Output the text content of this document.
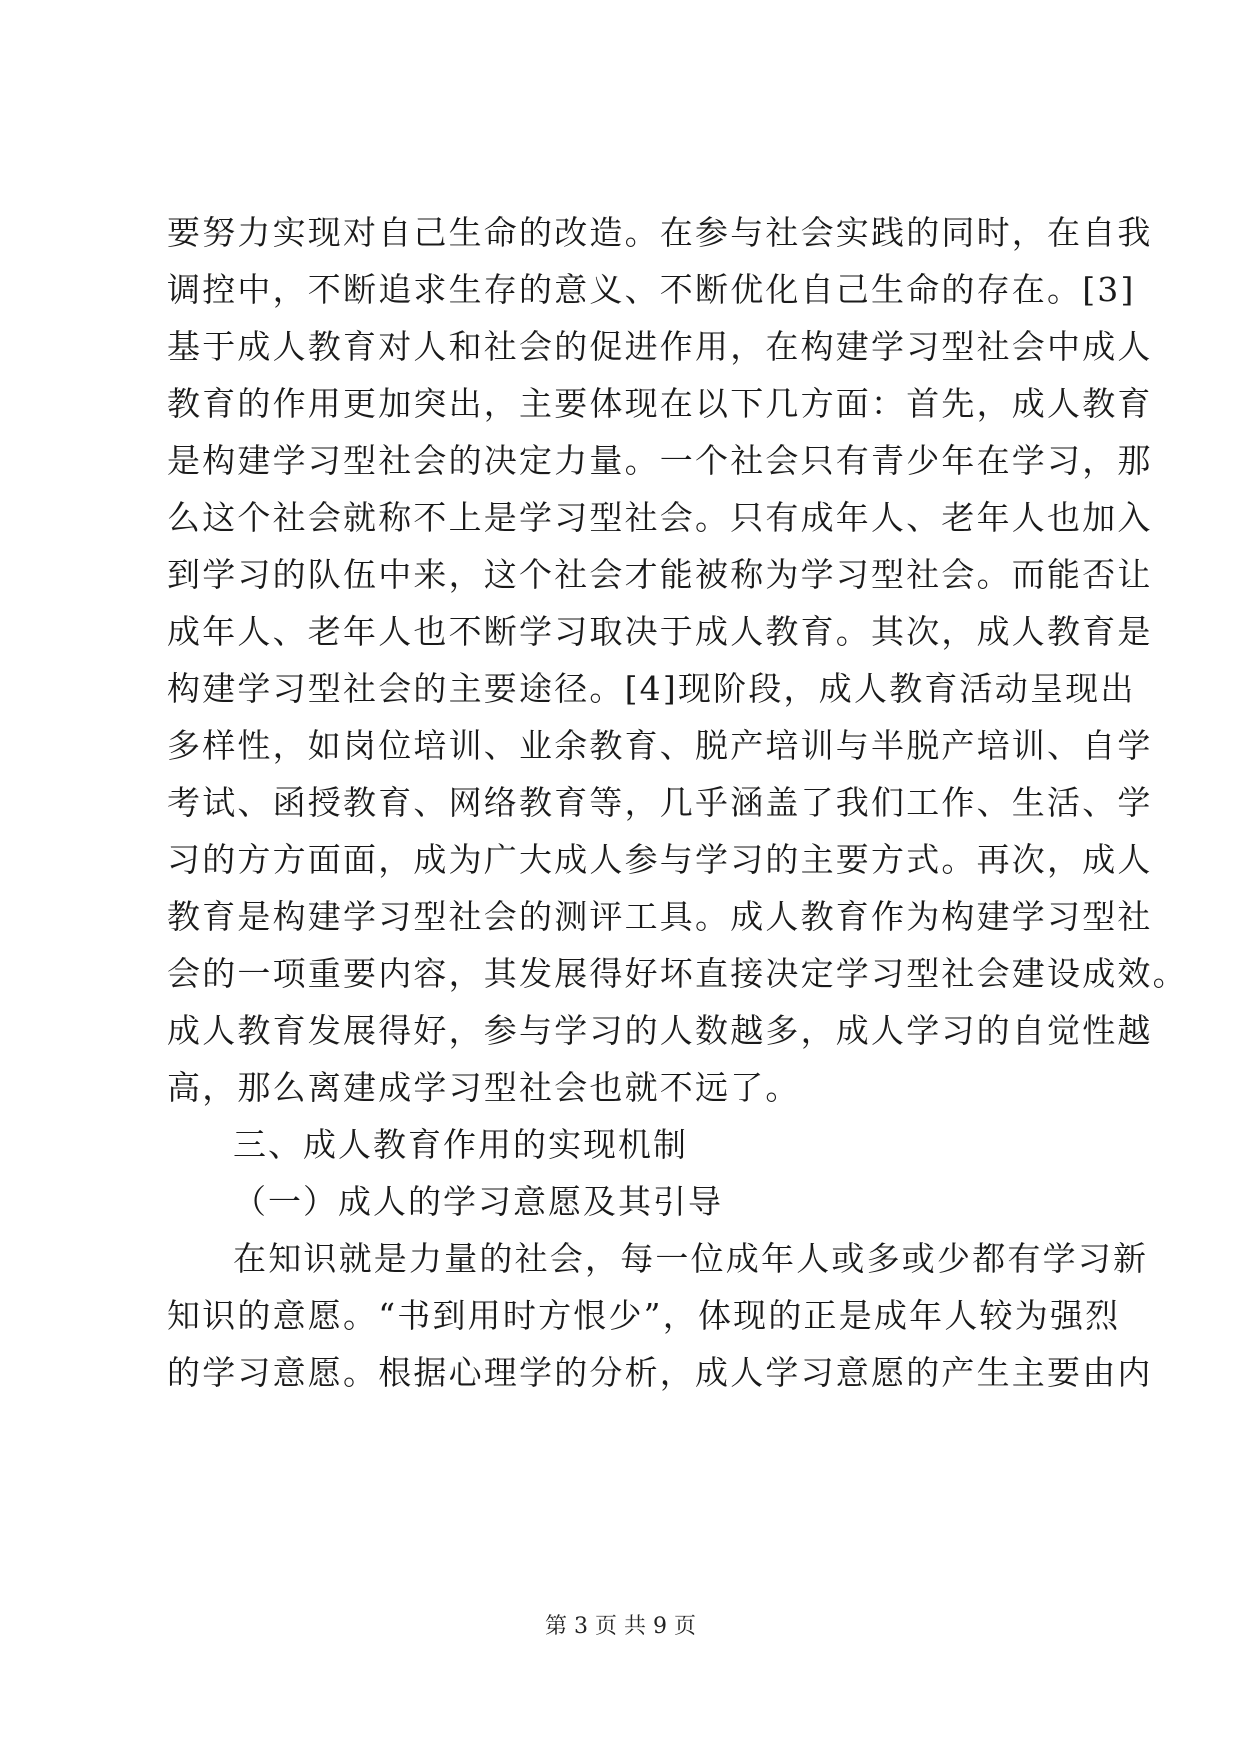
要努力实现对自己生命的改造。在参与社会实践的同时，在自我
调控中，不断追求生存的意义、不断优化自己生命的存在。[3]
基于成人教育对人和社会的促进作用，在构建学习型社会中成人
教育的作用更加突出，主要体现在以下几方面：首先，成人教育
是构建学习型社会的决定力量。一个社会只有青少年在学习，那
么这个社会就称不上是学习型社会。只有成年人、老年人也加入
到学习的队伍中来，这个社会才能被称为学习型社会。而能否让
成年人、老年人也不断学习取决于成人教育。其次，成人教育是
构建学习型社会的主要途径。[4]现阶段，成人教育活动呈现出
多样性，如岗位培训、业余教育、脱产培训与半脱产培训、自学
考试、函授教育、网络教育等，几乎涵盖了我们工作、生活、学
习的方方面面，成为广大成人参与学习的主要方式。再次，成人
教育是构建学习型社会的测评工具。成人教育作为构建学习型社
会的一项重要内容，其发展得好坏直接决定学习型社会建设成效。
成人教育发展得好，参与学习的人数越多，成人学习的自觉性越
高，那么离建成学习型社会也就不远了。
三、成人教育作用的实现机制
（一）成人的学习意愿及其引导
在知识就是力量的社会，每一位成年人或多或少都有学习新
知识的意愿。“书到用时方恨少”，体现的正是成年人较为强烈
的学习意愿。根据心理学的分析，成人学习意愿的产生主要由内
第 3 页 共 9 页
